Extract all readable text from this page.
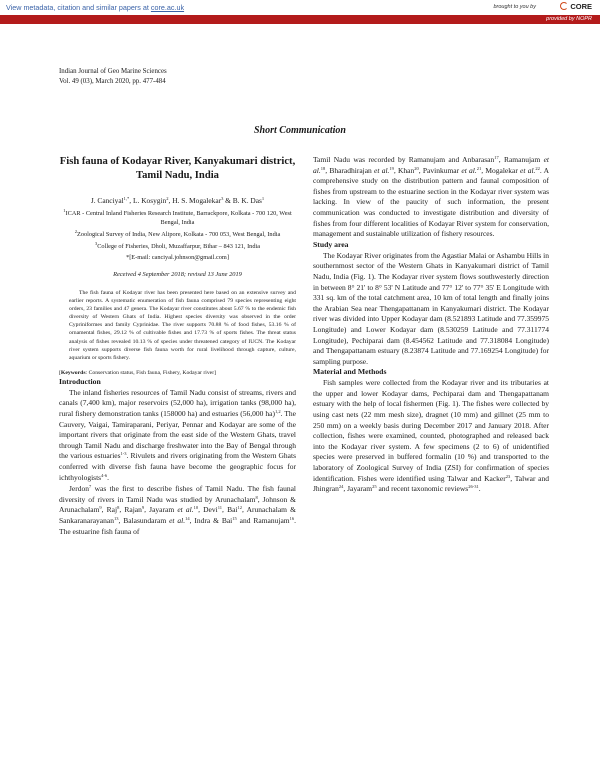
View metadata, citation and similar papers at core.ac.uk	brought to you by	CORE
provided by NOPR
Indian Journal of Geo Marine Sciences
Vol. 49 (03), March 2020, pp. 477-484
Short Communication
Fish fauna of Kodayar River, Kanyakumari district, Tamil Nadu, India
J. Canciyal$^{1,*}$, L. Kosygin$^2$, H. S. Mogalekar$^3$ & B. K. Das$^1$
$^1$ICAR - Central Inland Fisheries Research Institute, Barrackpore, Kolkata - 700 120, West Bengal, India
$^2$Zoological Survey of India, New Alipore, Kolkata - 700 053, West Bengal, India
$^3$College of Fisheries, Dholi, Muzaffarpur, Bihar – 843 121, India
*[E-mail: canciyal.johnson@gmail.com]
Received 4 September 2018; revised 13 June 2019
The fish fauna of Kodayar river has been presented here based on an extensive survey and earlier reports. A systematic enumeration of fish fauna comprised 79 species representing eight orders, 23 families and 47 genera. The Kodayar river constitutes about 5.67 % to the endemic fish diversity of Western Ghats of India. Highest species diversity was observed in the order Cypriniformes and family Cyprinidae. The river supports 70.88 % of food fishes, 53.16 % of ornamental fishes, 29.12 % of cultivable fishes and 17.73 % of sports fishes. The threat status analysis of fishes revealed 10.13 % of species under threatened category of IUCN. The Kodayar river system supports diverse fish fauna worth for rural livelihood through capture, culture, aquarium or sports fishery.
[Keywords: Conservation status, Fish fauna, Fishery, Kodayar river]
Introduction

The inland fisheries resources of Tamil Nadu consist of streams, rivers and canals (7,400 km), major reservoirs (52,000 ha), irrigation tanks (98,000 ha), rural fishery demonstration tanks (158000 ha) and estuaries (56,000 ha)$^{1,2}$. The Cauvery, Vaigai, Tamiraparani, Periyar, Pennar and Kodayar are some of the important rivers that originate from the east side of the Western Ghats, travel through Tamil Nadu and discharge freshwater into the Bay of Bengal through the various estuaries$^{1-3}$. Rivulets and rivers originating from the Western Ghats conferred with diverse fish fauna have become the geographic focus for ichthyologists$^{4-6}$.

Jerdon$^7$ was the first to describe fishes of Tamil Nadu. The fish faunal diversity of rivers in Tamil Nadu was studied by Arunachalam$^8$, Johnson & Arunachalam$^9$, Raj$^8$, Rajan$^9$, Jayaram et al.$^{10}$, Devi$^{11}$, Bai$^{12}$, Arunachalam & Sankaranarayanan$^{13}$, Balasundaram et al.$^{14}$, Indra & Bai$^{15}$ and Ramanujam$^{16}$. The estuarine fish fauna of

Tamil Nadu was recorded by Ramanujam and Anbarasan$^{17}$, Ramanujam et al.$^{18}$, Bharadhirajan et al.$^{19}$, Khan$^{20}$, Pavinkumar et al.$^{21}$, Mogalekar et al.$^{22}$. A comprehensive study on the distribution pattern and faunal composition of fishes from upstream to the estuarine section in the Kodayar river system was lacking. In view of the paucity of such information, the present communication was conducted to investigate distribution and diversity of fishes from four different localities of Kodayar River system for conservation, management and sustainable utilization of fishery resources.

Study area

The Kodayar River originates from the Agastiar Malai or Ashambu Hills in southernmost sector of the Western Ghats in Kanyakumari district of Tamil Nadu, India (Fig. 1). The Kodayar river system flows southwesterly direction in between 8° 21' to 8° 53' N Latitude and 77° 12' to 77° 35' E Longitude with 331 sq. km of the total catchment area, 10 km of total length and finally joins the Arabian Sea near Thengapattanam in Kanyakumari district. The Kodayar river was divided into Upper Kodayar dam (8.521893 Latitude and 77.359975 Longitude) and Lower Kodayar dam (8.530259 Latitude and 77.311774 Longitude), Pechiparai dam (8.454562 Latitude and 77.318084 Longitude) and Thengapattanam estuary (8.23874 Latitude and 77.169254 Longitude) for sampling purpose.

Material and Methods

Fish samples were collected from the Kodayar river and its tributaries at the upper and lower Kodayar dams, Pechiparai dam and Thengapattanam estuary with the help of local fishermen (Fig. 1). The fishes were collected by using cast nets (22 mm mesh size), dragnet (10 mm) and gillnet (25 mm to 250 mm) on a weekly basis during December 2017 and January 2018. After collection, fishes were examined, counted, photographed and released back into the Kodayar river system. A few specimens (2 to 6) of unidentified species were preserved in buffered formalin (10 %) and transported to the laboratory of Zoological Survey of India (ZSI) for confirmation of species identification. Fishes were identified using Talwar and Kacker$^{23}$, Talwar and Jhingran$^{24}$, Jayaram$^{25}$ and recent taxonomic reviews$^{26-31}$.
